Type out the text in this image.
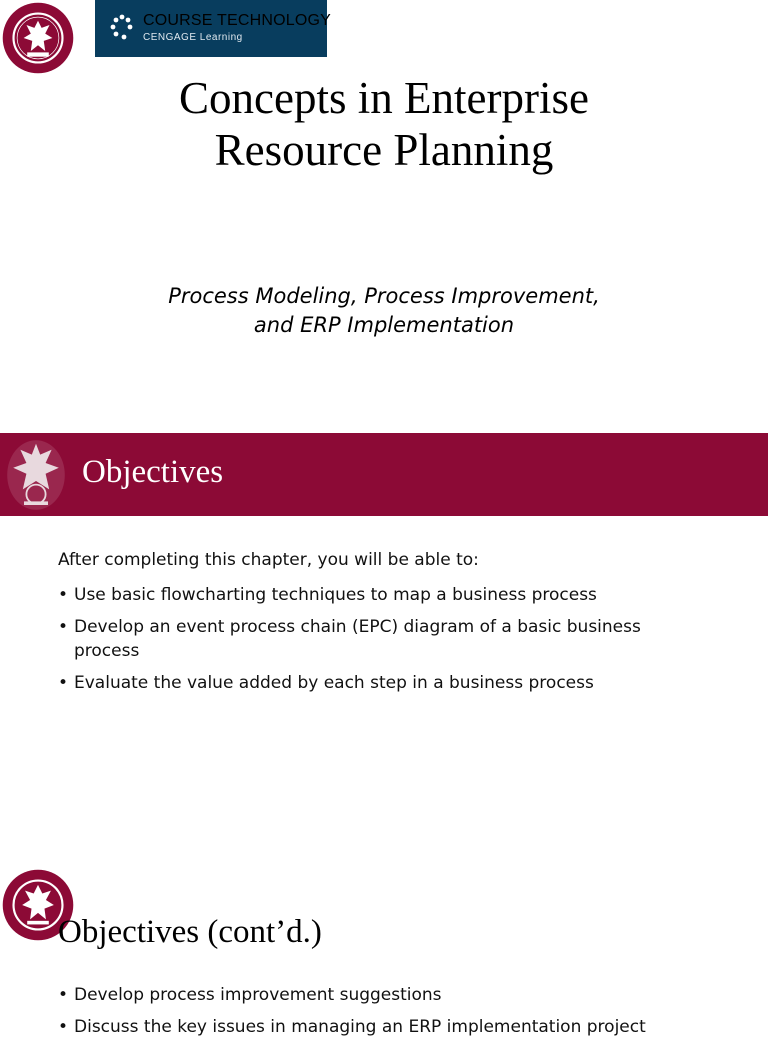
COURSE TECHNOLOGY
CENGAGE Learning
Concepts in Enterprise
Resource Planning
Process Modeling, Process Improvement,
and ERP Implementation
Objectives
After completing this chapter, you will be able to:
• Use basic flowcharting techniques to map a business process
• Develop an event process chain (EPC) diagram of a basic business process
• Evaluate the value added by each step in a business process
Objectives (cont’d.)
• Develop process improvement suggestions
• Discuss the key issues in managing an ERP implementation project
